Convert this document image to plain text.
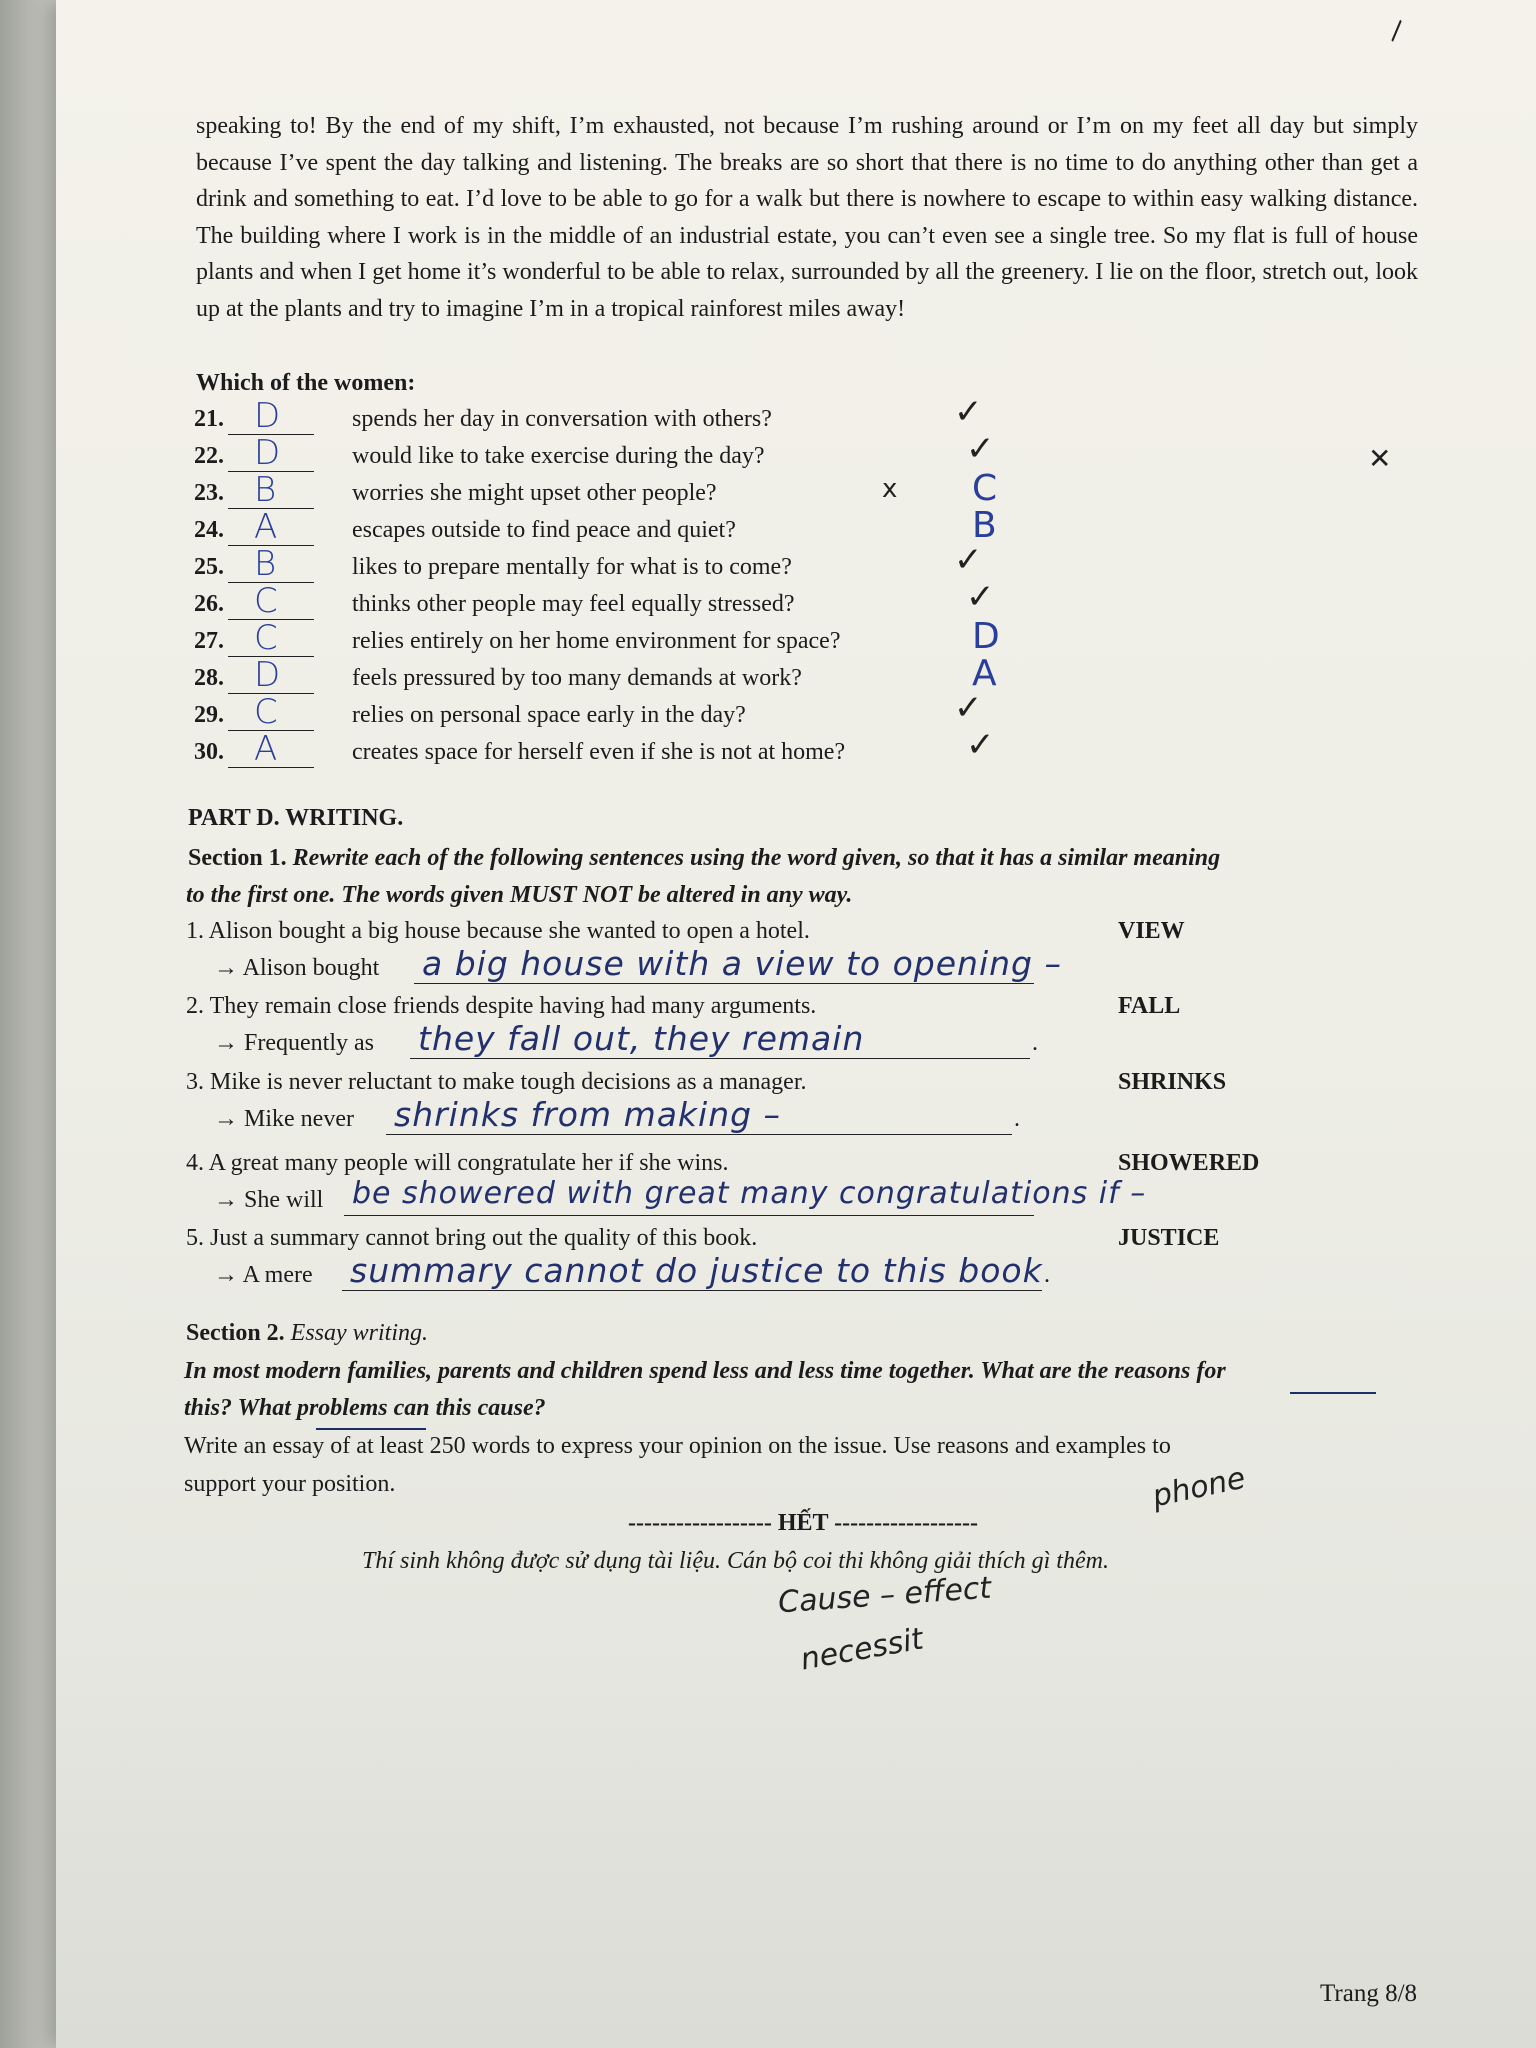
speaking to! By the end of my shift, I’m exhausted, not because I’m rushing around or I’m on my feet all day but simply because I’ve spent the day talking and listening. The breaks are so short that there is no time to do anything other than get a drink and something to eat. I’d love to be able to go for a walk but there is nowhere to escape to within easy walking distance. The building where I work is in the middle of an industrial estate, you can’t even see a single tree. So my flat is full of house plants and when I get home it’s wonderful to be able to relax, surrounded by all the greenery. I lie on the floor, stretch out, look up at the plants and try to imagine I’m in a tropical rainforest miles away!

Which of the women:
21. D	spends her day in conversation with others?	✓
22. D	would like to take exercise during the day?	✓
23. B	worries she might upset other people?	x C
24. A	escapes outside to find peace and quiet?	B
25. B	likes to prepare mentally for what is to come?	✓
26. C	thinks other people may feel equally stressed?	✓
27. C	relies entirely on her home environment for space?	D
28. D	feels pressured by too many demands at work?	A
29. C	relies on personal space early in the day?	✓
30. A	creates space for herself even if she is not at home?	✓
PART D. WRITING.
Section 1. Rewrite each of the following sentences using the word given, so that it has a similar meaning
to the first one. The words given MUST NOT be altered in any way.
1. Alison bought a big house because she wanted to open a hotel.	VIEW
→ Alison bought a big house with a view to opening –
2. They remain close friends despite having had many arguments.	FALL
→ Frequently as they fall out, they remain	.
3. Mike is never reluctant to make tough decisions as a manager.	SHRINKS
→ Mike never shrinks from making –	.
4. A great many people will congratulate her if she wins.	SHOWERED
→ She will be showered with great many congratulations if –
5. Just a summary cannot bring out the quality of this book.	JUSTICE
→ A mere summary cannot do justice to this book .
Section 2. Essay writing.
In most modern families, parents and children spend less and less time together. What are the reasons for
this? What problems can this cause?
Write an essay of at least 250 words to express your opinion on the issue. Use reasons and examples to
support your position.
------------------ HẾT ------------------
Thí sinh không được sử dụng tài liệu. Cán bộ coi thi không giải thích gì thêm.
Trang 8/8
phone
Cause – effect
necessit
✕
\
